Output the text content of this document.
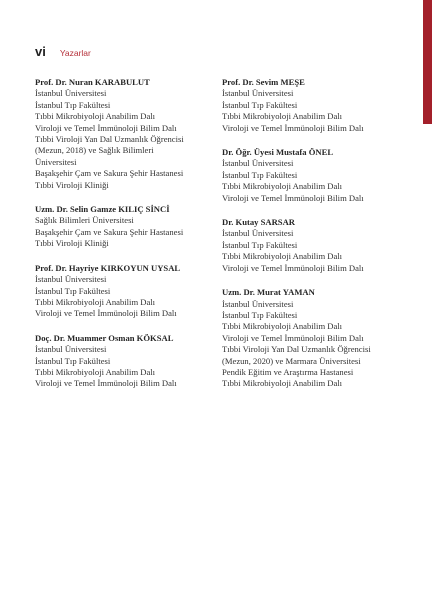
vi Yazarlar
Prof. Dr. Nuran KARABULUT
İstanbul Üniversitesi
İstanbul Tıp Fakültesi
Tıbbi Mikrobiyoloji Anabilim Dalı
Viroloji ve Temel İmmünoloji Bilim Dalı
Tıbbi Viroloji Yan Dal Uzmanlık Öğrencisi
(Mezun, 2018) ve Sağlık Bilimleri
Üniversitesi
Başakşehir Çam ve Sakura Şehir Hastanesi
Tıbbi Viroloji Kliniği
Uzm. Dr. Selin Gamze KILIÇ SİNCİ
Sağlık Bilimleri Üniversitesi
Başakşehir Çam ve Sakura Şehir Hastanesi
Tıbbi Viroloji Kliniği
Prof. Dr. Hayriye KIRKOYUN UYSAL
İstanbul Üniversitesi
İstanbul Tıp Fakültesi
Tıbbi Mikrobiyoloji Anabilim Dalı
Viroloji ve Temel İmmünoloji Bilim Dalı
Doç. Dr. Muammer Osman KÖKSAL
İstanbul Üniversitesi
İstanbul Tıp Fakültesi
Tıbbi Mikrobiyoloji Anabilim Dalı
Viroloji ve Temel İmmünoloji Bilim Dalı
Prof. Dr. Sevim MEŞE
İstanbul Üniversitesi
İstanbul Tıp Fakültesi
Tıbbi Mikrobiyoloji Anabilim Dalı
Viroloji ve Temel İmmünoloji Bilim Dalı
Dr. Öğr. Üyesi Mustafa ÖNEL
İstanbul Üniversitesi
İstanbul Tıp Fakültesi
Tıbbi Mikrobiyoloji Anabilim Dalı
Viroloji ve Temel İmmünoloji Bilim Dalı
Dr. Kutay SARSAR
İstanbul Üniversitesi
İstanbul Tıp Fakültesi
Tıbbi Mikrobiyoloji Anabilim Dalı
Viroloji ve Temel İmmünoloji Bilim Dalı
Uzm. Dr. Murat YAMAN
İstanbul Üniversitesi
İstanbul Tıp Fakültesi
Tıbbi Mikrobiyoloji Anabilim Dalı
Viroloji ve Temel İmmünoloji Bilim Dalı
Tıbbi Viroloji Yan Dal Uzmanlık Öğrencisi
(Mezun, 2020) ve Marmara Üniversitesi
Pendik Eğitim ve Araştırma Hastanesi
Tıbbi Mikrobiyoloji Anabilim Dalı
